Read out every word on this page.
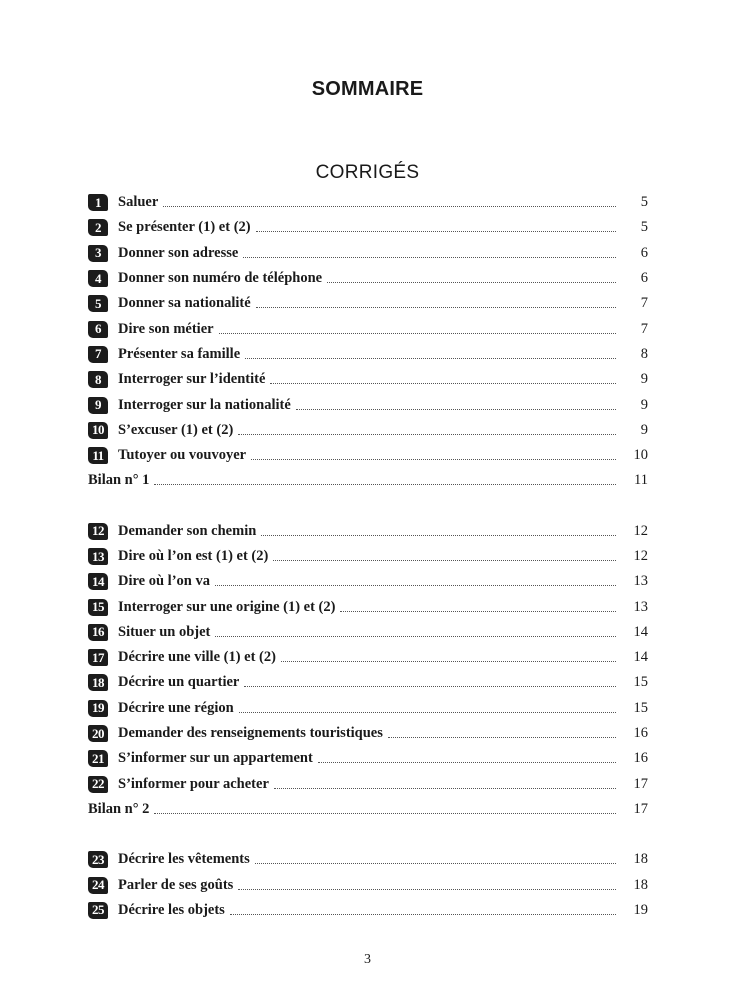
SOMMAIRE
CORRIGÉS
1	Saluer	5
2	Se présenter (1) et (2)	5
3	Donner son adresse	6
4	Donner son numéro de téléphone	6
5	Donner sa nationalité	7
6	Dire son métier	7
7	Présenter sa famille	8
8	Interroger sur l’identité	9
9	Interroger sur la nationalité	9
10 S’excuser (1) et (2)	9
11 Tutoyer ou vouvoyer	10
Bilan n° 1	11
12 Demander son chemin	12
13 Dire où l’on est (1) et (2)	12
14 Dire où l’on va	13
15 Interroger sur une origine (1) et (2)	13
16 Situer un objet	14
17 Décrire une ville (1) et (2)	14
18 Décrire un quartier	15
19 Décrire une région	15
20 Demander des renseignements touristiques	16
21 S’informer sur un appartement	16
22 S’informer pour acheter	17
Bilan n° 2	17
23 Décrire les vêtements	18
24 Parler de ses goûts	18
25 Décrire les objets	19
3
